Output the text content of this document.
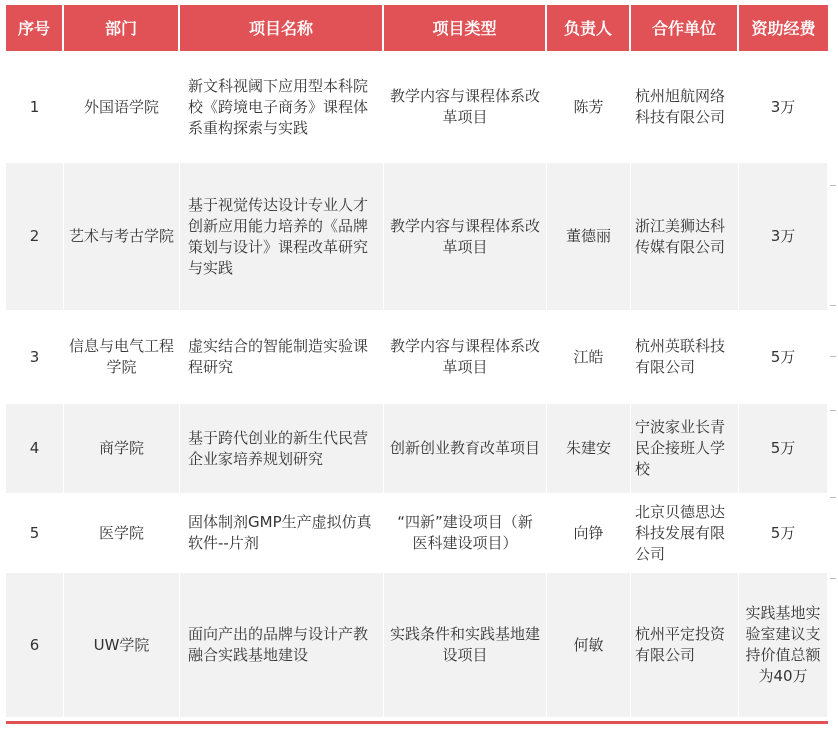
序号	部门	项目名称	项目类型	负责人	合作单位	资助经费
1	外国语学院	新文科视阈下应用型本科院校《跨境电子商务》课程体系重构探索与实践	教学内容与课程体系改革项目	陈芳	杭州旭航网络科技有限公司	3万
2	艺术与考古学院	基于视觉传达设计专业人才创新应用能力培养的《品牌策划与设计》课程改革研究与实践	教学内容与课程体系改革项目	董德丽	浙江美狮达科传媒有限公司	3万
3	信息与电气工程学院	虚实结合的智能制造实验课程研究	教学内容与课程体系改革项目	江皓	杭州英联科技有限公司	5万
4	商学院	基于跨代创业的新生代民营企业家培养规划研究	创新创业教育改革项目	朱建安	宁波家业长青民企接班人学校	5万
5	医学院	固体制剂GMP生产虚拟仿真软件--片剂	“四新”建设项目（新医科建设项目）	向铮	北京贝德思达科技发展有限公司	5万
6	UW学院	面向产出的品牌与设计产教融合实践基地建设	实践条件和实践基地建设项目	何敏	杭州平定投资有限公司	实践基地实验室建议支持价值总额为40万
